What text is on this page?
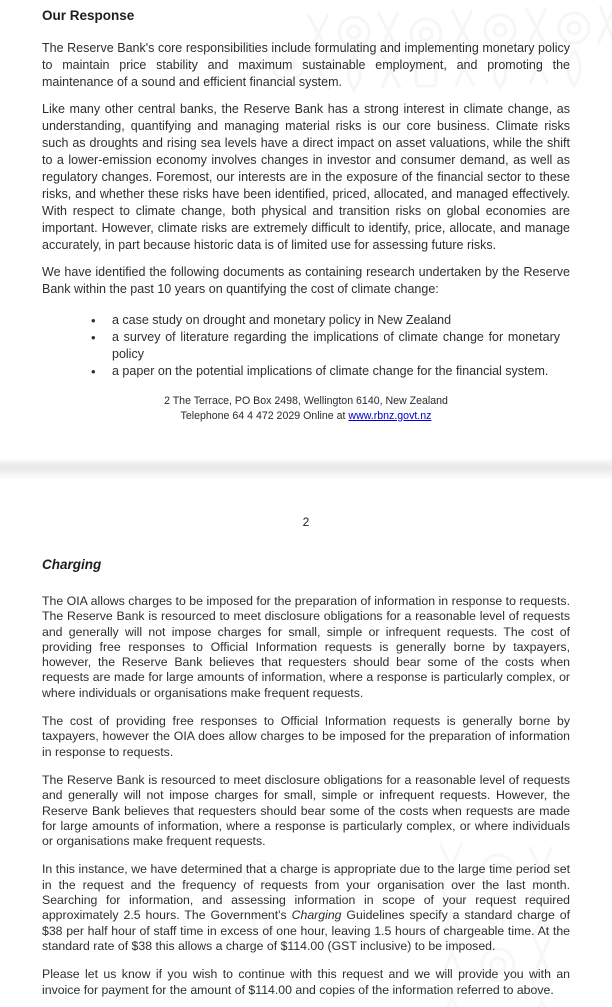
Our Response

The Reserve Bank's core responsibilities include formulating and implementing monetary policy to maintain price stability and maximum sustainable employment, and promoting the maintenance of a sound and efficient financial system.

Like many other central banks, the Reserve Bank has a strong interest in climate change, as understanding, quantifying and managing material risks is our core business. Climate risks such as droughts and rising sea levels have a direct impact on asset valuations, while the shift to a lower-emission economy involves changes in investor and consumer demand, as well as regulatory changes. Foremost, our interests are in the exposure of the financial sector to these risks, and whether these risks have been identified, priced, allocated, and managed effectively. With respect to climate change, both physical and transition risks on global economies are important. However, climate risks are extremely difficult to identify, price, allocate, and manage accurately, in part because historic data is of limited use for assessing future risks.

We have identified the following documents as containing research undertaken by the Reserve Bank within the past 10 years on quantifying the cost of climate change:

• a case study on drought and monetary policy in New Zealand
• a survey of literature regarding the implications of climate change for monetary policy
• a paper on the potential implications of climate change for the financial system.
2 The Terrace, PO Box 2498, Wellington 6140, New Zealand
Telephone 64 4 472 2029 Online at www.rbnz.govt.nz
2
Charging

The OIA allows charges to be imposed for the preparation of information in response to requests. The Reserve Bank is resourced to meet disclosure obligations for a reasonable level of requests and generally will not impose charges for small, simple or infrequent requests. The cost of providing free responses to Official Information requests is generally borne by taxpayers, however, the Reserve Bank believes that requesters should bear some of the costs when requests are made for large amounts of information, where a response is particularly complex, or where individuals or organisations make frequent requests.

The cost of providing free responses to Official Information requests is generally borne by taxpayers, however the OIA does allow charges to be imposed for the preparation of information in response to requests.

The Reserve Bank is resourced to meet disclosure obligations for a reasonable level of requests and generally will not impose charges for small, simple or infrequent requests. However, the Reserve Bank believes that requesters should bear some of the costs when requests are made for large amounts of information, where a response is particularly complex, or where individuals or organisations make frequent requests.

In this instance, we have determined that a charge is appropriate due to the large time period set in the request and the frequency of requests from your organisation over the last month. Searching for information, and assessing information in scope of your request required approximately 2.5 hours. The Government's Charging Guidelines specify a standard charge of $38 per half hour of staff time in excess of one hour, leaving 1.5 hours of chargeable time. At the standard rate of $38 this allows a charge of $114.00 (GST inclusive) to be imposed.

Please let us know if you wish to continue with this request and we will provide you with an invoice for payment for the amount of $114.00 and copies of the information referred to above.
